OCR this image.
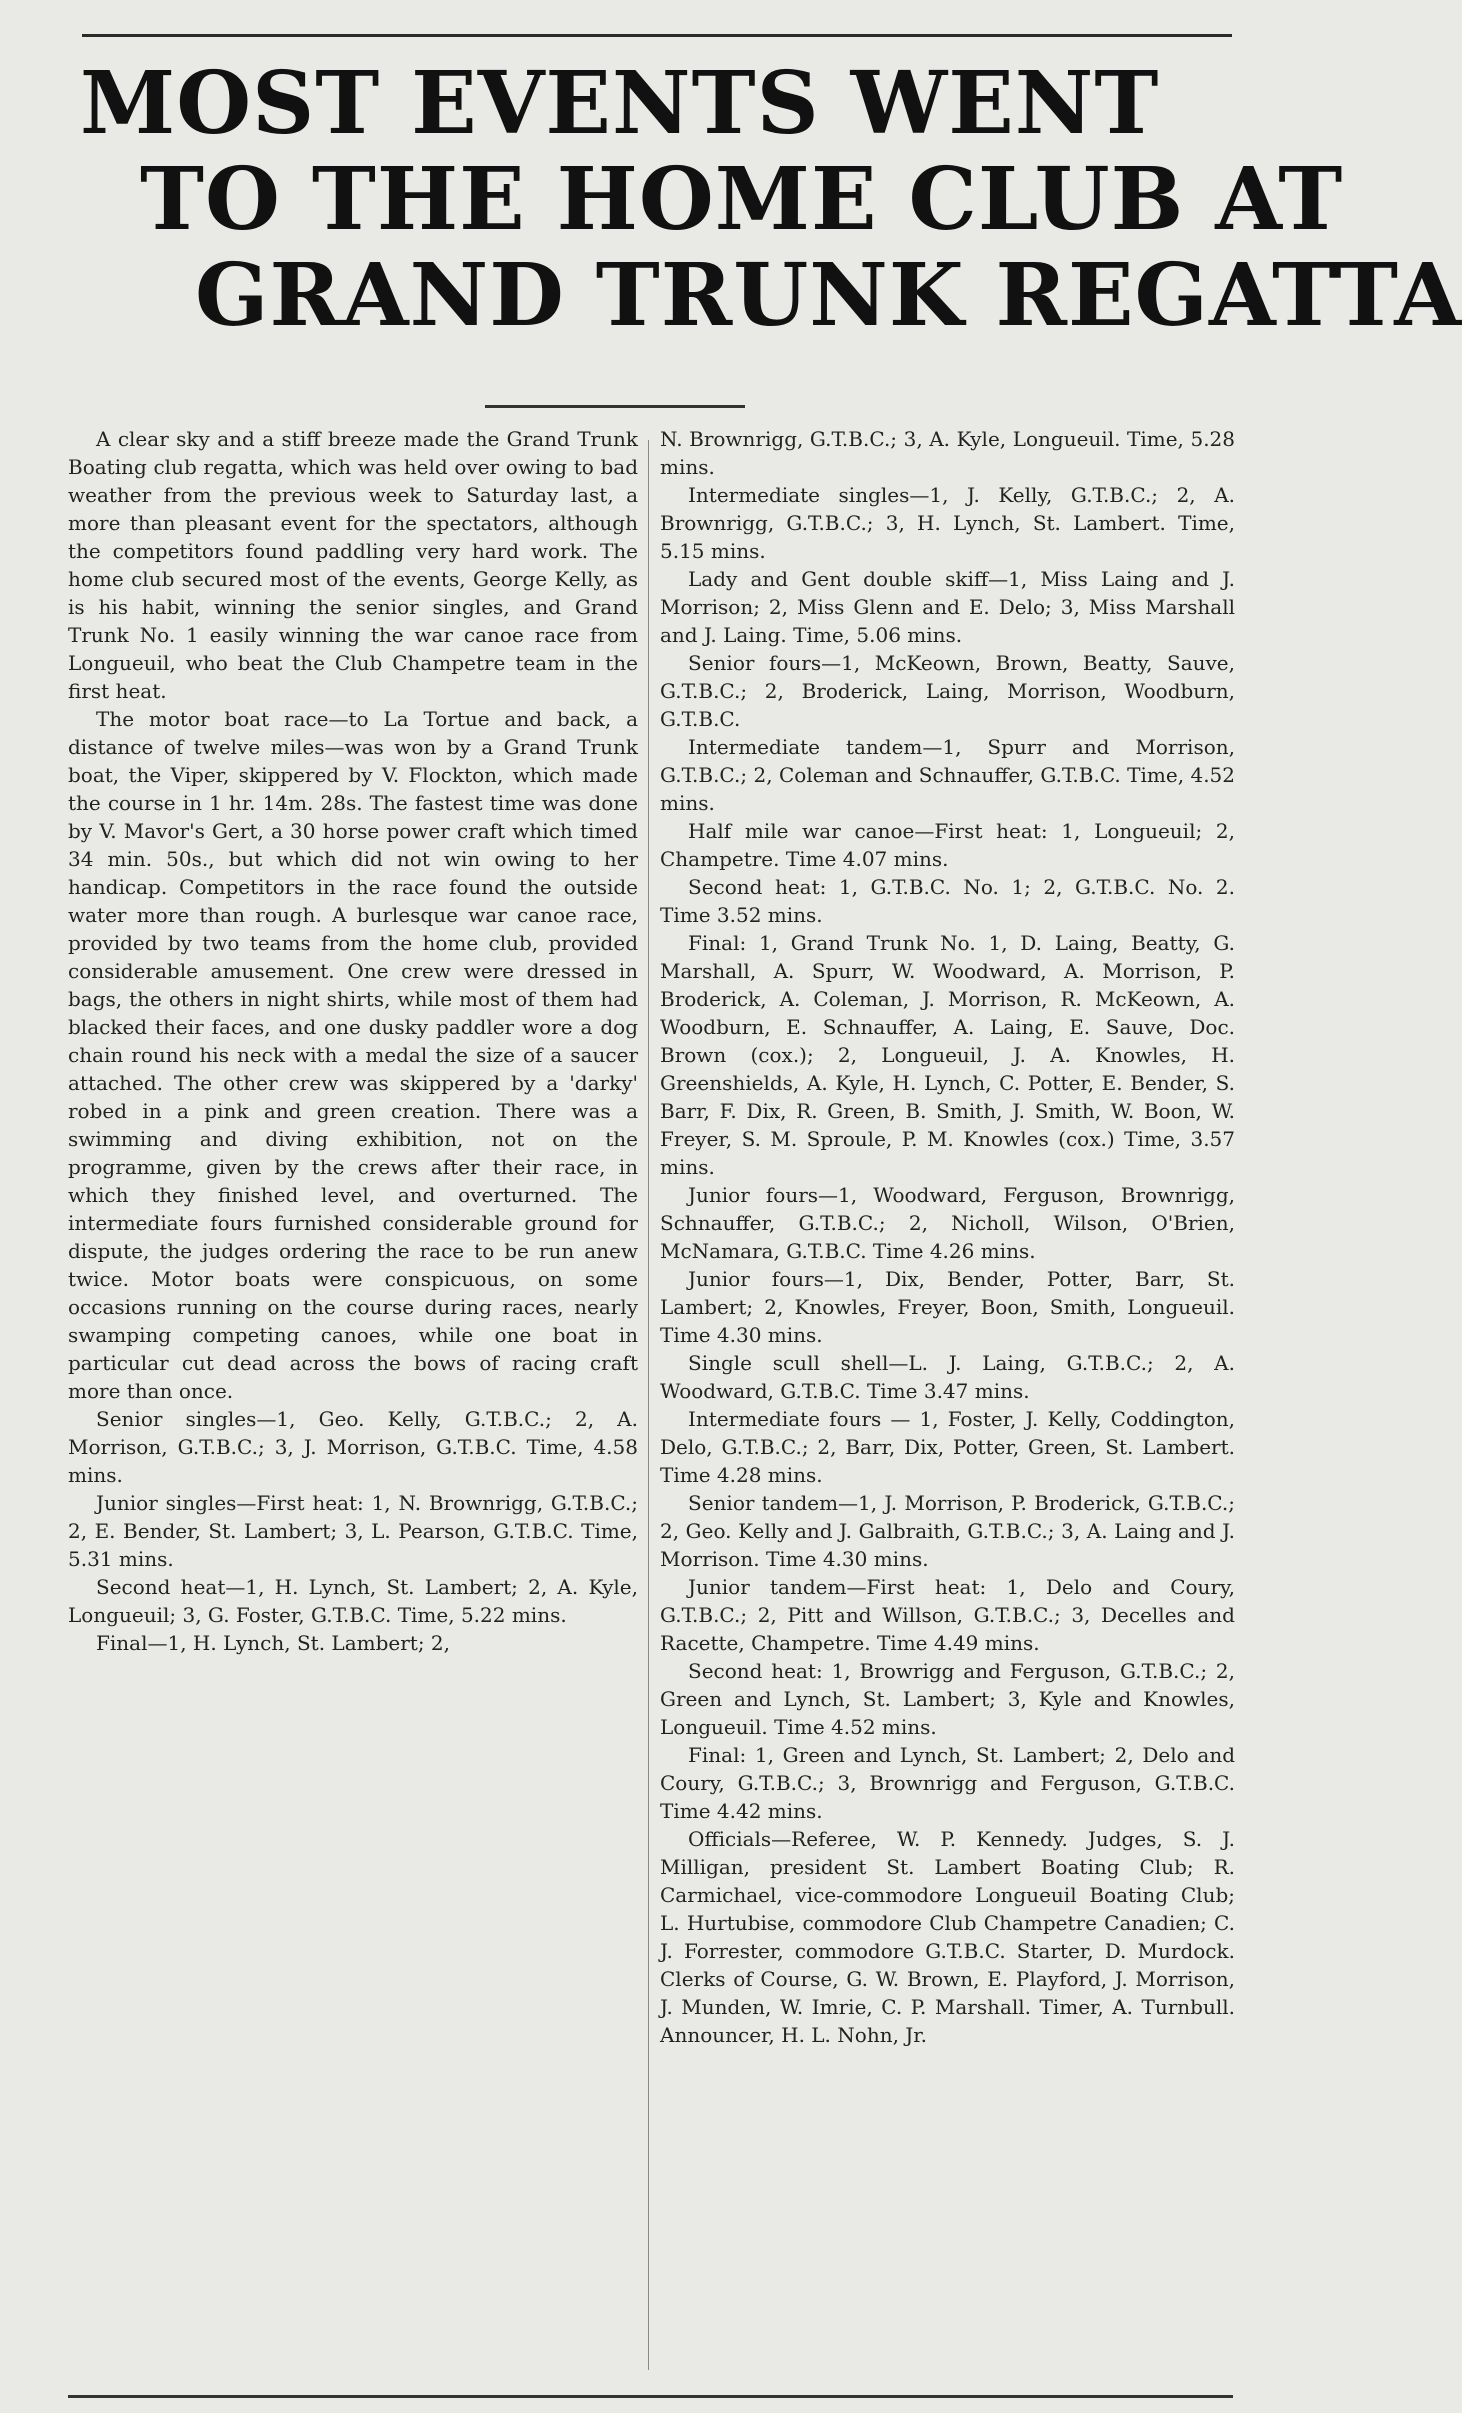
MOST EVENTS WENT
TO THE HOME CLUB AT
GRAND TRUNK REGATTA

A clear sky and a stiff breeze made the Grand Trunk Boating club regatta, which was held over owing to bad weather from the previous week to Saturday last, a more than pleasant event for the spectators, although the competitors found paddling very hard work. The home club secured most of the events, George Kelly, as is his habit, winning the senior singles, and Grand Trunk No. 1 easily winning the war canoe race from Longueuil, who beat the Club Champetre team in the first heat.

The motor boat race—to La Tortue and back, a distance of twelve miles—was won by a Grand Trunk boat, the Viper, skippered by V. Flockton, which made the course in 1 hr. 14m. 28s. The fastest time was done by V. Mavor's Gert, a 30 horse power craft which timed 34 min. 50s., but which did not win owing to her handicap. Competitors in the race found the outside water more than rough. A burlesque war canoe race, provided by two teams from the home club, provided considerable amusement. One crew were dressed in bags, the others in night shirts, while most of them had blacked their faces, and one dusky paddler wore a dog chain round his neck with a medal the size of a saucer attached. The other crew was skippered by a 'darky' robed in a pink and green creation. There was a swimming and diving exhibition, not on the programme, given by the crews after their race, in which they finished level, and overturned. The intermediate fours furnished considerable ground for dispute, the judges ordering the race to be run anew twice. Motor boats were conspicuous, on some occasions running on the course during races, nearly swamping competing canoes, while one boat in particular cut dead across the bows of racing craft more than once.

Senior singles—1, Geo. Kelly, G.T.B.C.; 2, A. Morrison, G.T.B.C.; 3, J. Morrison, G.T.B.C. Time, 4.58 mins.

Junior singles—First heat: 1, N. Brownrigg, G.T.B.C.; 2, E. Bender, St. Lambert; 3, L. Pearson, G.T.B.C. Time, 5.31 mins.

Second heat—1, H. Lynch, St. Lambert; 2, A. Kyle, Longueuil; 3, G. Foster, G.T.B.C. Time, 5.22 mins.

Final—1, H. Lynch, St. Lambert; 2,

N. Brownrigg, G.T.B.C.; 3, A. Kyle, Longueuil. Time, 5.28 mins.

Intermediate singles—1, J. Kelly, G.T.B.C.; 2, A. Brownrigg, G.T.B.C.; 3, H. Lynch, St. Lambert. Time, 5.15 mins.

Lady and Gent double skiff—1, Miss Laing and J. Morrison; 2, Miss Glenn and E. Delo; 3, Miss Marshall and J. Laing. Time, 5.06 mins.

Senior fours—1, McKeown, Brown, Beatty, Sauve, G.T.B.C.; 2, Broderick, Laing, Morrison, Woodburn, G.T.B.C.

Intermediate tandem—1, Spurr and Morrison, G.T.B.C.; 2, Coleman and Schnauffer, G.T.B.C. Time, 4.52 mins.

Half mile war canoe—First heat: 1, Longueuil; 2, Champetre. Time 4.07 mins.

Second heat: 1, G.T.B.C. No. 1; 2, G.T.B.C. No. 2. Time 3.52 mins.

Final: 1, Grand Trunk No. 1, D. Laing, Beatty, G. Marshall, A. Spurr, W. Woodward, A. Morrison, P. Broderick, A. Coleman, J. Morrison, R. McKeown, A. Woodburn, E. Schnauffer, A. Laing, E. Sauve, Doc. Brown (cox.); 2, Longueuil, J. A. Knowles, H. Greenshields, A. Kyle, H. Lynch, C. Potter, E. Bender, S. Barr, F. Dix, R. Green, B. Smith, J. Smith, W. Boon, W. Freyer, S. M. Sproule, P. M. Knowles (cox.) Time, 3.57 mins.

Junior fours—1, Woodward, Ferguson, Brownrigg, Schnauffer, G.T.B.C.; 2, Nicholl, Wilson, O'Brien, McNamara, G.T.B.C. Time 4.26 mins.

Junior fours—1, Dix, Bender, Potter, Barr, St. Lambert; 2, Knowles, Freyer, Boon, Smith, Longueuil. Time 4.30 mins.

Single scull shell—L. J. Laing, G.T.B.C.; 2, A. Woodward, G.T.B.C. Time 3.47 mins.

Intermediate fours — 1, Foster, J. Kelly, Coddington, Delo, G.T.B.C.; 2, Barr, Dix, Potter, Green, St. Lambert. Time 4.28 mins.

Senior tandem—1, J. Morrison, P. Broderick, G.T.B.C.; 2, Geo. Kelly and J. Galbraith, G.T.B.C.; 3, A. Laing and J. Morrison. Time 4.30 mins.

Junior tandem—First heat: 1, Delo and Coury, G.T.B.C.; 2, Pitt and Willson, G.T.B.C.; 3, Decelles and Racette, Champetre. Time 4.49 mins.

Second heat: 1, Browrigg and Ferguson, G.T.B.C.; 2, Green and Lynch, St. Lambert; 3, Kyle and Knowles, Longueuil. Time 4.52 mins.

Final: 1, Green and Lynch, St. Lambert; 2, Delo and Coury, G.T.B.C.; 3, Brownrigg and Ferguson, G.T.B.C. Time 4.42 mins.

Officials—Referee, W. P. Kennedy. Judges, S. J. Milligan, president St. Lambert Boating Club; R. Carmichael, vice-commodore Longueuil Boating Club; L. Hurtubise, commodore Club Champetre Canadien; C. J. Forrester, commodore G.T.B.C. Starter, D. Murdock. Clerks of Course, G. W. Brown, E. Playford, J. Morrison, J. Munden, W. Imrie, C. P. Marshall. Timer, A. Turnbull. Announcer, H. L. Nohn, Jr.
